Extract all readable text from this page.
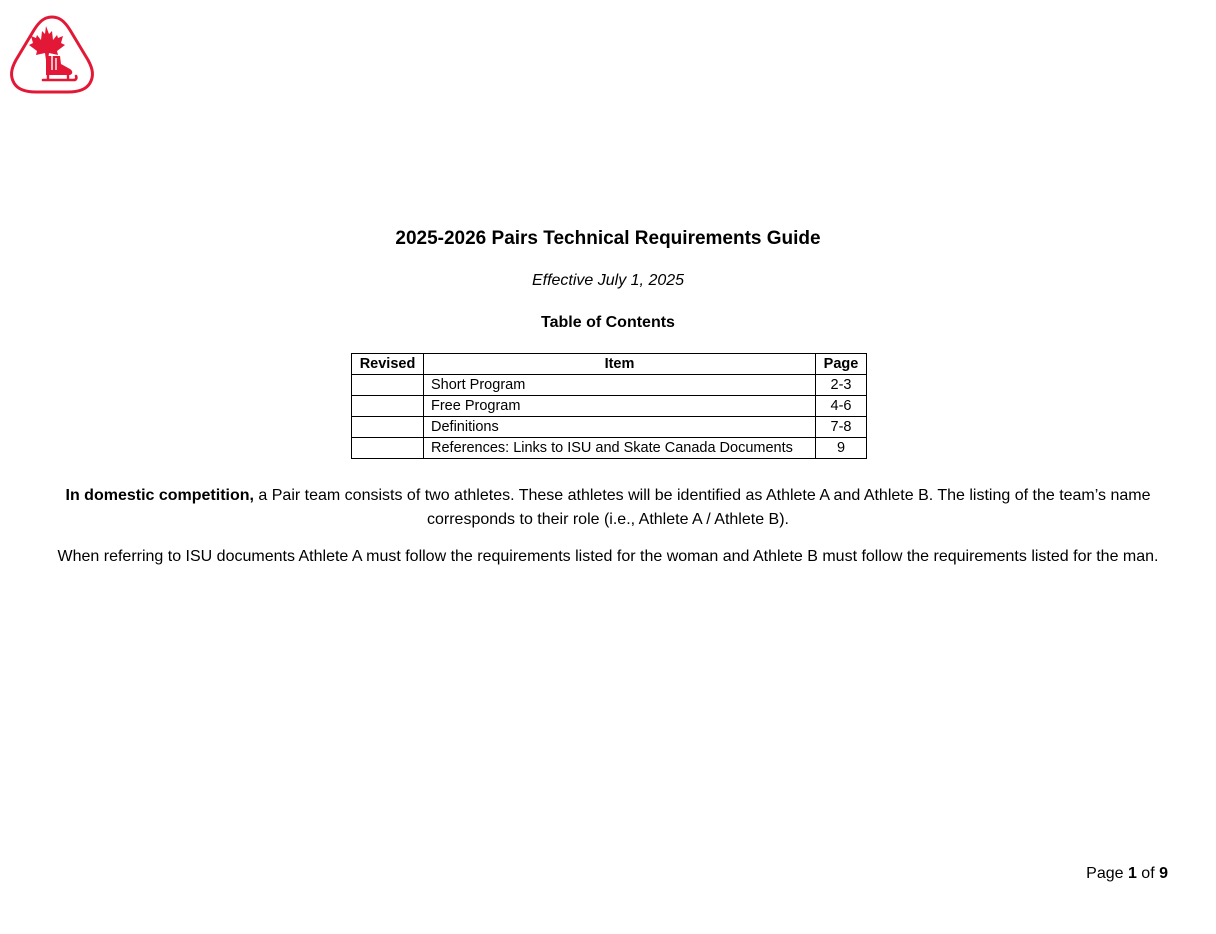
2025-2026 Pairs Technical Requirements Guide
Effective July 1, 2025
Table of Contents
Revised	Item	Page
	Short Program	2-3
	Free Program	4-6
	Definitions	7-8
	References: Links to ISU and Skate Canada Documents	9
In domestic competition, a Pair team consists of two athletes. These athletes will be identified as Athlete A and Athlete B. The listing of the team’s name corresponds to their role (i.e., Athlete A / Athlete B).
When referring to ISU documents Athlete A must follow the requirements listed for the woman and Athlete B must follow the requirements listed for the man.
Page 1 of 9
